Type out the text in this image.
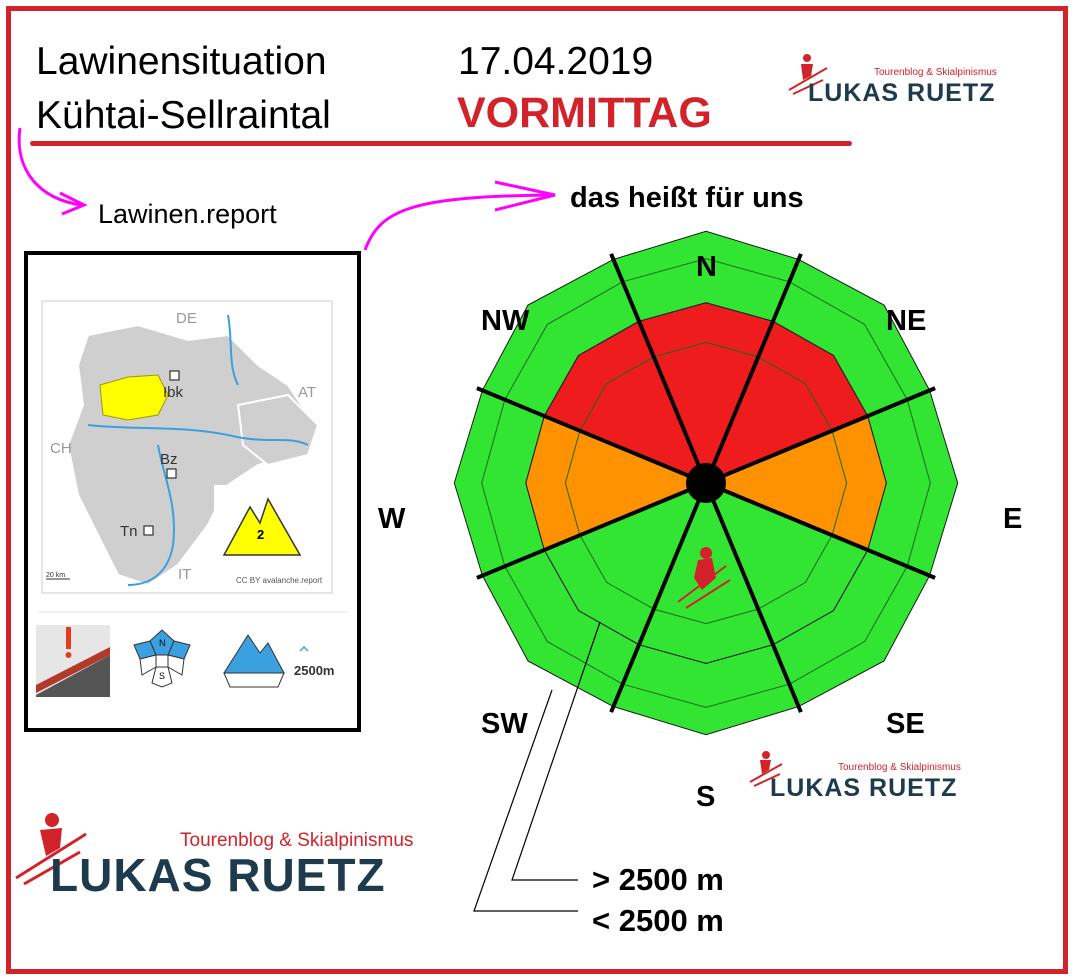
Lawinensituation
Kühtai-Sellraintal
17.04.2019
VORMITTAG
Tourenblog & Skialpinismus
LUKAS RUETZ
Lawinen.report	das heißt für uns
Ibk
Bz
Tn
DE
AT
CH
IT
2
20 km
CC BY avalanche.report
N
S	2500m
N
NE
E
SE
S
SW
W
NW
> 2500 m
< 2500 m
Tourenblog & Skialpinismus
LUKAS RUETZ
Tourenblog & Skialpinismus
LUKAS RUETZ
